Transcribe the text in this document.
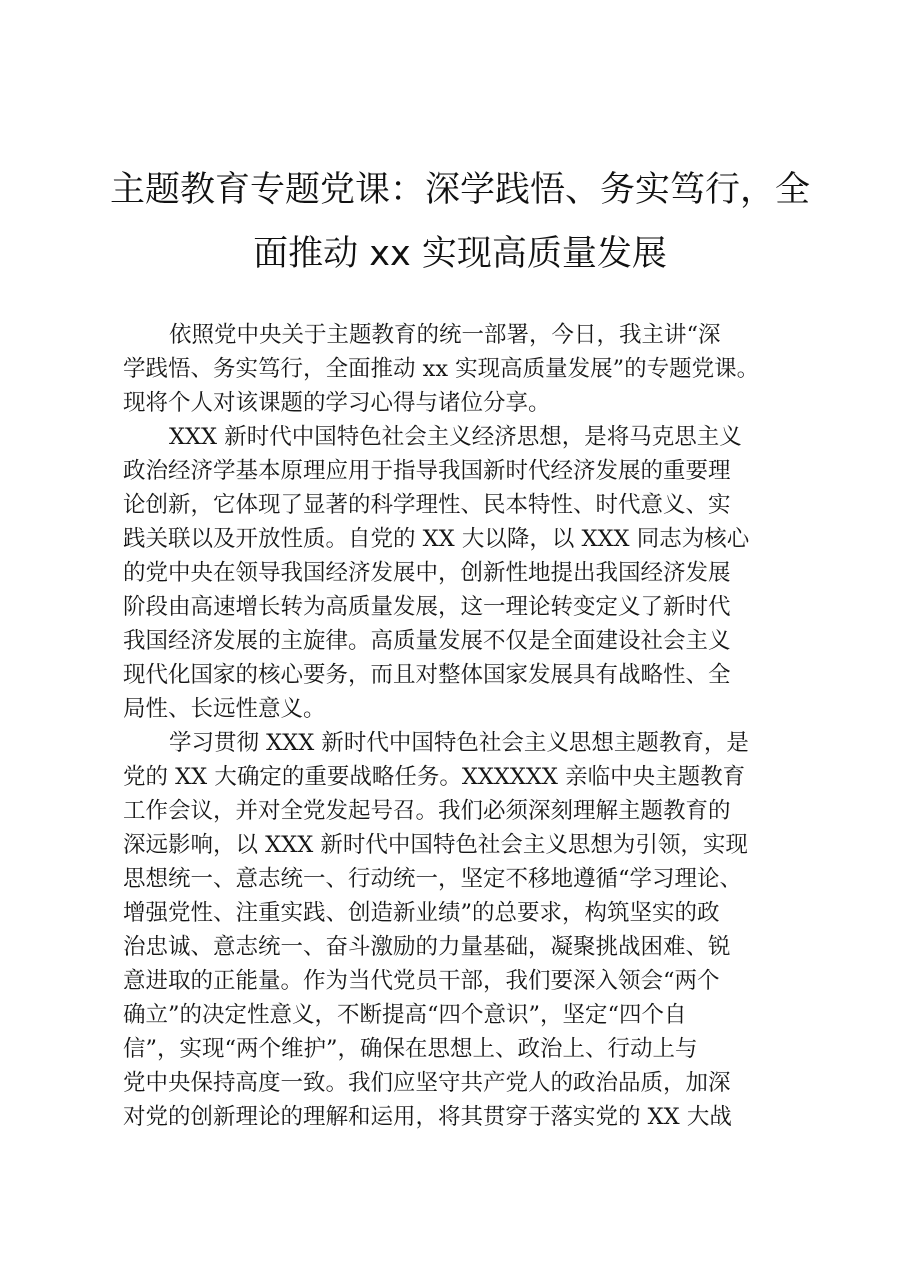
主题教育专题党课：深学践悟、务实笃行，全
面推动 xx 实现高质量发展
依照党中央关于主题教育的统一部署，今日，我主讲“深
学践悟、务实笃行，全面推动 xx 实现高质量发展”的专题党课。
现将个人对该课题的学习心得与诸位分享。
XXX 新时代中国特色社会主义经济思想，是将马克思主义
政治经济学基本原理应用于指导我国新时代经济发展的重要理
论创新，它体现了显著的科学理性、民本特性、时代意义、实
践关联以及开放性质。自党的 XX 大以降，以 XXX 同志为核心
的党中央在领导我国经济发展中，创新性地提出我国经济发展
阶段由高速增长转为高质量发展，这一理论转变定义了新时代
我国经济发展的主旋律。高质量发展不仅是全面建设社会主义
现代化国家的核心要务，而且对整体国家发展具有战略性、全
局性、长远性意义。
学习贯彻 XXX 新时代中国特色社会主义思想主题教育，是
党的 XX 大确定的重要战略任务。XXXXXX 亲临中央主题教育
工作会议，并对全党发起号召。我们必须深刻理解主题教育的
深远影响，以 XXX 新时代中国特色社会主义思想为引领，实现
思想统一、意志统一、行动统一，坚定不移地遵循“学习理论、
增强党性、注重实践、创造新业绩”的总要求，构筑坚实的政
治忠诚、意志统一、奋斗激励的力量基础，凝聚挑战困难、锐
意进取的正能量。作为当代党员干部，我们要深入领会“两个
确立”的决定性意义，不断提高“四个意识”，坚定“四个自
信”，实现“两个维护”，确保在思想上、政治上、行动上与
党中央保持高度一致。我们应坚守共产党人的政治品质，加深
对党的创新理论的理解和运用，将其贯穿于落实党的 XX 大战
